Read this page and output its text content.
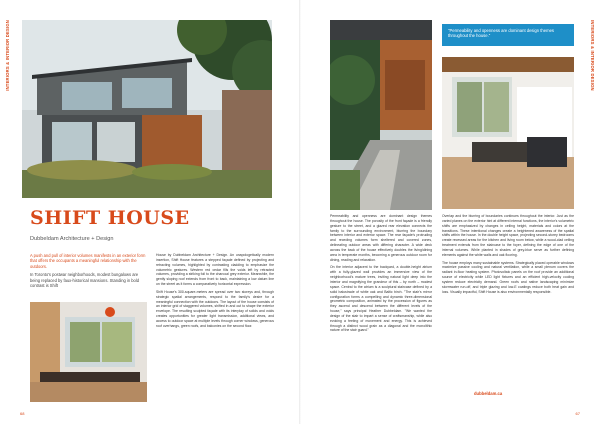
INTERIORS & INTERIOR DESIGN	INTERIORS & INTERIOR DESIGN
SHIFT HOUSE
Dubbeldam Architecture + Design

A push and pull of interior volumes manifests in an exterior form that offers the occupants a meaningful relationship with the outdoors.

In Toronto's postwar neighborhoods, modest bungalows are being replaced by faux-historical mansions. Standing in bold contrast is Shift

House by Dubbeldam Architecture + Design. An unapologetically modern insertion, Shift House features a stepped façade defined by projecting and retracting volumes, highlighted by contrasting cladding to emphasize the volumetric gestures. Western red cedar fills the voids left by retracted volumes, providing a striking foil to the charcoal grey exterior. Meanwhile, the gently sloping roof extends from front to back, maintaining a low datum line on the street as it forms a comparatively horizontal expression.

Shift House's 300-square-meters are spread over two storeys and, through strategic spatial arrangements, respond to the family's desire for a meaningful connection with the outdoors. The layout of the house consists of an interior grid of staggered volumes, shifted in and out to shape the exterior envelope. The resulting sculpted façade with its interplay of solids and voids creates opportunities for greater light transmission, additional views, and access to outdoor space at multiple levels through corner windows, generous roof overhangs, green roofs, and balconies on the second floor.

"Permeability and openness are dominant design themes throughout the house."

Permeability and openness are dominant design themes throughout the house. The porosity of the front façade is a friendly gesture to the street, and a glazed rear elevation connects the family to the surrounding environment, blurring the boundary between interior and exterior space. The rear façade's protruding and receding volumes form sheltered and covered zones, delineating outdoor areas with differing character. A wide deck across the back of the house effectively doubles the living/dining area in temperate months, becoming a generous outdoor room for dining, reading and relaxation.

On the interior adjacent to the backyard, a double-height atrium with a fully-glazed wall provides an immersive view of the neighborhood's mature trees, inviting natural light deep into the interior and magnifying the grandeur of this – by north – modest space. Central to the atrium is a sculptural staircase defined by a solid balustrade of white oak and Baltic birch. "The stair's mirror configuration forms a compelling and dynamic three-dimensional geometric composition, animated by the procession of figures as they ascend and descend between the different levels of the house," says principal Heather Dubbeldam. "We wanted the design of the stair to impart a sense of craftsmanship, while also evoking a feeling of movement and energy. This is achieved through a distinct wood grain as a diagonal and the monolithic nature of the stair guard."

Overlap and the blurring of boundaries continues throughout the interior. Just as the varied planes on the exterior hint at different internal functions, the interior's volumetric shifts are emphasized by changes in ceiling height, materials and colors at the transitions. These intentional changes create a heightened awareness of the spatial shifts within the house. In the double height space, projecting second-storey bedrooms create recessed areas for the kitchen and living room below, while a wood-clad ceiling treatment extends from the staircase to the foyer, defining the edge of one of the internal volumes. While planted in shades of grey-blue serve as further defining elements against the white walls and oak flooring.

The house employs many sustainable systems. Strategically placed operable windows maximize passive cooling and natural ventilation, while a small plenum covers the radiant in-floor heating system. Photovoltaic panels on the roof provide an additional source of electricity while LED light fixtures and an efficient high-velocity cooling system reduce electricity demand. Green roofs and native landscaping minimize stormwater run-off, and triple glazing and low-E coatings reduce both heat gain and loss. Visually impactful, Shift House is also environmentally responsible.

dubbeldam.ca
68	67
